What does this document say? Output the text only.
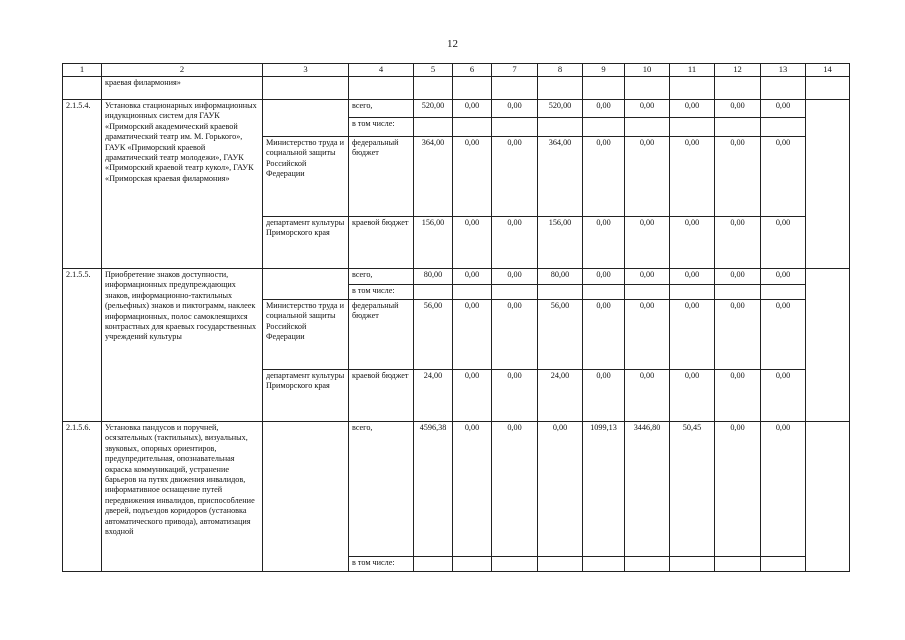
12
1	2	3	4	5	6	7	8	9	10	11	12	13	14
	краевая филармония»												
2.1.5.4.	Установка стационарных информационных индукционных систем для ГАУК «Приморский академический краевой драматический театр им. М. Горького», ГАУК «Приморский краевой драматический театр молодежи», ГАУК «Приморский краевой театр кукол», ГАУК «Приморская краевая филармония»		всего,	520,00	0,00	0,00	520,00	0,00	0,00	0,00	0,00	0,00	
			в том числе:										
		Министерство труда и социальной защиты Российской Федерации	федеральный бюджет	364,00	0,00	0,00	364,00	0,00	0,00	0,00	0,00	0,00	
		департамент культуры Приморского края	краевой бюджет	156,00	0,00	0,00	156,00	0,00	0,00	0,00	0,00	0,00	
2.1.5.5.	Приобретение знаков доступности, информационных предупреждающих знаков, информационно-тактильных (рельефных) знаков и пиктограмм, наклеек информационных, полос самоклеящихся контрастных для краевых государственных учреждений культуры		всего,	80,00	0,00	0,00	80,00	0,00	0,00	0,00	0,00	0,00	
			в том числе:										
		Министерство труда и социальной защиты Российской Федерации	федеральный бюджет	56,00	0,00	0,00	56,00	0,00	0,00	0,00	0,00	0,00	
		департамент культуры Приморского края	краевой бюджет	24,00	0,00	0,00	24,00	0,00	0,00	0,00	0,00	0,00	
2.1.5.6.	Установка пандусов и поручней, осязательных (тактильных), визуальных, звуковых, опорных ориентиров, предупредительная, опознавательная окраска коммуникаций, устранение барьеров на путях движения инвалидов, информативное оснащение путей передвижения инвалидов, приспособление дверей, подъездов коридоров (установка автоматического привода), автоматизация входной		всего,	4596,38	0,00	0,00	0,00	1099,13	3446,80	50,45	0,00	0,00	
			в том числе:										
